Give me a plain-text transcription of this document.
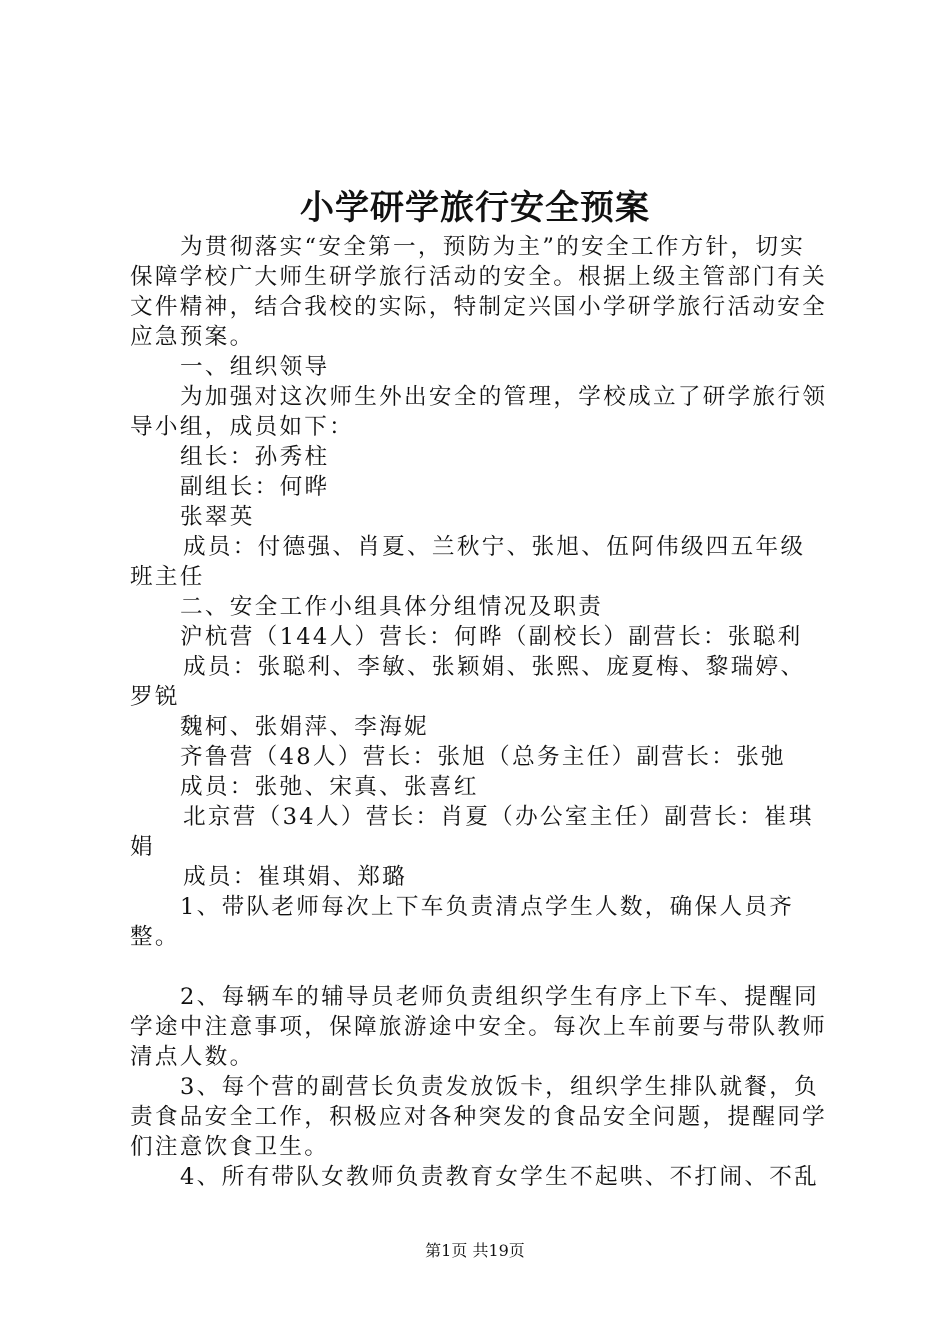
小学研学旅行安全预案

为贯彻落实“安全第一，预防为主”的安全工作方针，切实保障学校广大师生研学旅行活动的安全。根据上级主管部门有关文件精神，结合我校的实际，特制定兴国小学研学旅行活动安全应急预案。

一、组织领导

为加强对这次师生外出安全的管理，学校成立了研学旅行领导小组，成员如下：

组长：孙秀柱

副组长：何晔

张翠英

成员：付德强、肖夏、兰秋宁、张旭、伍阿伟级四五年级班主任

二、安全工作小组具体分组情况及职责

沪杭营（144人）营长：何晔（副校长）副营长：张聪利

成员：张聪利、李敏、张颖娟、张熙、庞夏梅、黎瑞婷、罗锐

魏柯、张娟萍、李海妮

齐鲁营（48人）营长：张旭（总务主任）副营长：张弛

成员：张弛、宋真、张喜红

北京营（34人）营长：肖夏（办公室主任）副营长：崔琪娟

成员：崔琪娟、郑璐

1、带队老师每次上下车负责清点学生人数，确保人员齐整。

2、每辆车的辅导员老师负责组织学生有序上下车、提醒同学途中注意事项，保障旅游途中安全。每次上车前要与带队教师清点人数。

3、每个营的副营长负责发放饭卡，组织学生排队就餐，负责食品安全工作，积极应对各种突发的食品安全问题，提醒同学们注意饮食卫生。

4、所有带队女教师负责教育女学生不起哄、不打闹、不乱

第1页 共19页
